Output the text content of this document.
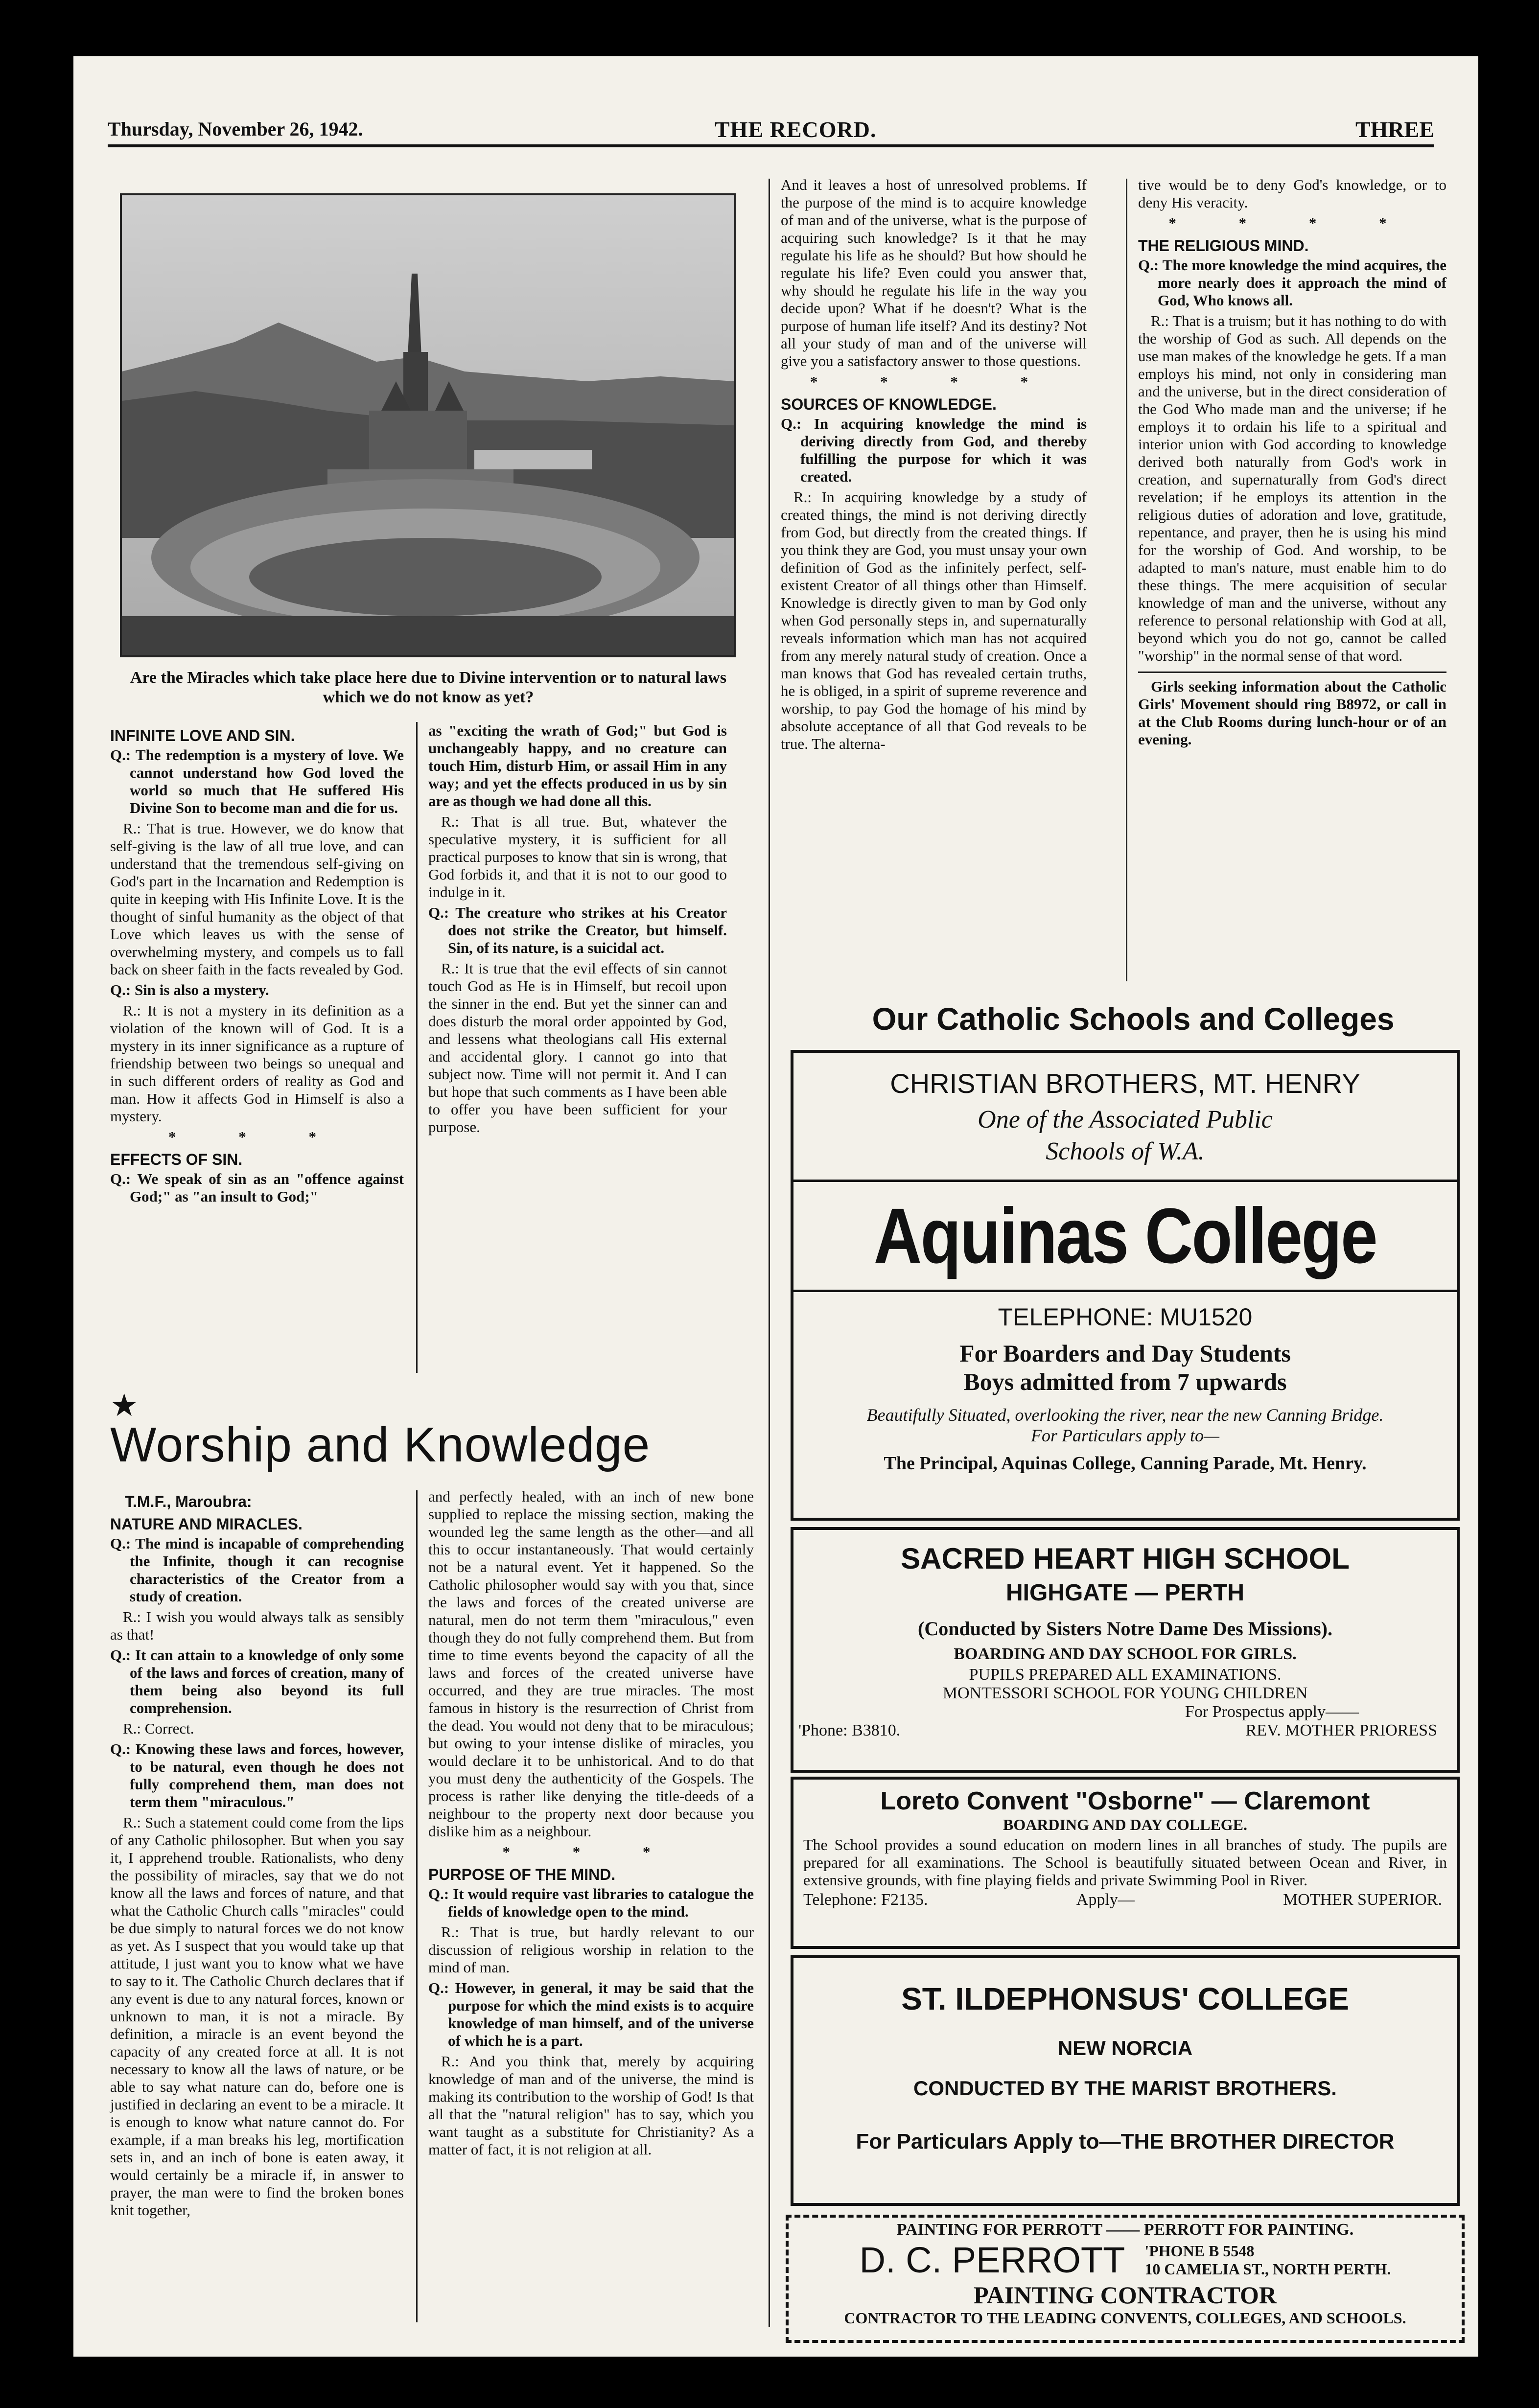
Thursday, November 26, 1942.	THE RECORD.	THREE
Are the Miracles which take place here due to Divine intervention or to natural laws which we do not know as yet?
INFINITE LOVE AND SIN.

Q.: The redemption is a mystery of love. We cannot understand how God loved the world so much that He suffered His Divine Son to become man and die for us.

R.: That is true. However, we do know that self-giving is the law of all true love, and can understand that the tremendous self-giving on God's part in the Incarnation and Redemption is quite in keeping with His Infinite Love. It is the thought of sinful humanity as the object of that Love which leaves us with the sense of overwhelming mystery, and compels us to fall back on sheer faith in the facts revealed by God.

Q.: Sin is also a mystery.

R.: It is not a mystery in its definition as a violation of the known will of God. It is a mystery in its inner significance as a rupture of friendship between two beings so unequal and in such different orders of reality as God and man. How it affects God in Himself is also a mystery.

* * *
EFFECTS OF SIN.

Q.: We speak of sin as an "offence against God;" as "an insult to God;"

as "exciting the wrath of God;" but God is unchangeably happy, and no creature can touch Him, disturb Him, or assail Him in any way; and yet the effects produced in us by sin are as though we had done all this.

R.: That is all true. But, whatever the speculative mystery, it is sufficient for all practical purposes to know that sin is wrong, that God forbids it, and that it is not to our good to indulge in it.

Q.: The creature who strikes at his Creator does not strike the Creator, but himself. Sin, of its nature, is a suicidal act.

R.: It is true that the evil effects of sin cannot touch God as He is in Himself, but recoil upon the sinner in the end. But yet the sinner can and does disturb the moral order appointed by God, and lessens what theologians call His external and accidental glory. I cannot go into that subject now. Time will not permit it. And I can but hope that such comments as I have been able to offer you have been sufficient for your purpose.

And it leaves a host of unresolved problems. If the purpose of the mind is to acquire knowledge of man and of the universe, what is the purpose of acquiring such knowledge? Is it that he may regulate his life as he should? But how should he regulate his life? Even could you answer that, why should he regulate his life in the way you decide upon? What if he doesn't? What is the purpose of human life itself? And its destiny? Not all your study of man and of the universe will give you a satisfactory answer to those questions.

* * * *
SOURCES OF KNOWLEDGE.

Q.: In acquiring knowledge the mind is deriving directly from God, and thereby fulfilling the purpose for which it was created.

R.: In acquiring knowledge by a study of created things, the mind is not deriving directly from God, but directly from the created things. If you think they are God, you must unsay your own definition of God as the infinitely perfect, self-existent Creator of all things other than Himself. Knowledge is directly given to man by God only when God personally steps in, and supernaturally reveals information which man has not acquired from any merely natural study of creation. Once a man knows that God has revealed certain truths, he is obliged, in a spirit of supreme reverence and worship, to pay God the homage of his mind by absolute acceptance of all that God reveals to be true. The alterna-

tive would be to deny God's knowledge, or to deny His veracity.

* * * *
THE RELIGIOUS MIND.

Q.: The more knowledge the mind acquires, the more nearly does it approach the mind of God, Who knows all.

R.: That is a truism; but it has nothing to do with the worship of God as such. All depends on the use man makes of the knowledge he gets. If a man employs his mind, not only in considering man and the universe, but in the direct consideration of the God Who made man and the universe; if he employs it to ordain his life to a spiritual and interior union with God according to knowledge derived both naturally from God's work in creation, and supernaturally from God's direct revelation; if he employs its attention in the religious duties of adoration and love, gratitude, repentance, and prayer, then he is using his mind for the worship of God. And worship, to be adapted to man's nature, must enable him to do these things. The mere acquisition of secular knowledge of man and the universe, without any reference to personal relationship with God at all, beyond which you do not go, cannot be called "worship" in the normal sense of that word.

Girls seeking information about the Catholic Girls' Movement should ring B8972, or call in at the Club Rooms during lunch-hour or of an evening.

★
Worship and Knowledge
T.M.F., Maroubra:
NATURE AND MIRACLES.

Q.: The mind is incapable of comprehending the Infinite, though it can recognise characteristics of the Creator from a study of creation.

R.: I wish you would always talk as sensibly as that!

Q.: It can attain to a knowledge of only some of the laws and forces of creation, many of them being also beyond its full comprehension.

R.: Correct.

Q.: Knowing these laws and forces, however, to be natural, even though he does not fully comprehend them, man does not term them "miraculous."

R.: Such a statement could come from the lips of any Catholic philosopher. But when you say it, I apprehend trouble. Rationalists, who deny the possibility of miracles, say that we do not know all the laws and forces of nature, and that what the Catholic Church calls "miracles" could be due simply to natural forces we do not know as yet. As I suspect that you would take up that attitude, I just want you to know what we have to say to it. The Catholic Church declares that if any event is due to any natural forces, known or unknown to man, it is not a miracle. By definition, a miracle is an event beyond the capacity of any created force at all. It is not necessary to know all the laws of nature, or be able to say what nature can do, before one is justified in declaring an event to be a miracle. It is enough to know what nature cannot do. For example, if a man breaks his leg, mortification sets in, and an inch of bone is eaten away, it would certainly be a miracle if, in answer to prayer, the man were to find the broken bones knit together,

and perfectly healed, with an inch of new bone supplied to replace the missing section, making the wounded leg the same length as the other—and all this to occur instantaneously. That would certainly not be a natural event. Yet it happened. So the Catholic philosopher would say with you that, since the laws and forces of the created universe are natural, men do not term them "miraculous," even though they do not fully comprehend them. But from time to time events beyond the capacity of all the laws and forces of the created universe have occurred, and they are true miracles. The most famous in history is the resurrection of Christ from the dead. You would not deny that to be miraculous; but owing to your intense dislike of miracles, you would declare it to be unhistorical. And to do that you must deny the authenticity of the Gospels. The process is rather like denying the title-deeds of a neighbour to the property next door because you dislike him as a neighbour.

* * *
PURPOSE OF THE MIND.

Q.: It would require vast libraries to catalogue the fields of knowledge open to the mind.

R.: That is true, but hardly relevant to our discussion of religious worship in relation to the mind of man.

Q.: However, in general, it may be said that the purpose for which the mind exists is to acquire knowledge of man himself, and of the universe of which he is a part.

R.: And you think that, merely by acquiring knowledge of man and of the universe, the mind is making its contribution to the worship of God! Is that all that the "natural religion" has to say, which you want taught as a substitute for Christianity? As a matter of fact, it is not religion at all.

Our Catholic Schools and Colleges
CHRISTIAN BROTHERS, MT. HENRY
One of the Associated Public
Schools of W.A.
Aquinas College
TELEPHONE: MU1520
For Boarders and Day Students
Boys admitted from 7 upwards
Beautifully Situated, overlooking the river, near the new Canning Bridge.
For Particulars apply to—
The Principal, Aquinas College, Canning Parade, Mt. Henry.
SACRED HEART HIGH SCHOOL
HIGHGATE — PERTH
(Conducted by Sisters Notre Dame Des Missions).
BOARDING AND DAY SCHOOL FOR GIRLS.
PUPILS PREPARED ALL EXAMINATIONS.
MONTESSORI SCHOOL FOR YOUNG CHILDREN
For Prospectus apply——
'Phone: B3810.	REV. MOTHER PRIORESS
Loreto Convent "Osborne" — Claremont
BOARDING AND DAY COLLEGE.
The School provides a sound education on modern lines in all branches of study. The pupils are prepared for all examinations. The School is beautifully situated between Ocean and River, in extensive grounds, with fine playing fields and private Swimming Pool in River.
Telephone: F2135.	Apply—	MOTHER SUPERIOR.
ST. ILDEPHONSUS' COLLEGE
NEW NORCIA
CONDUCTED BY THE MARIST BROTHERS.
For Particulars Apply to—THE BROTHER DIRECTOR
PAINTING FOR PERROTT —— PERROTT FOR PAINTING.
D. C. PERROTT 'PHONE B 5548
10 CAMELIA ST., NORTH PERTH.
PAINTING CONTRACTOR
CONTRACTOR TO THE LEADING CONVENTS, COLLEGES, AND SCHOOLS.
